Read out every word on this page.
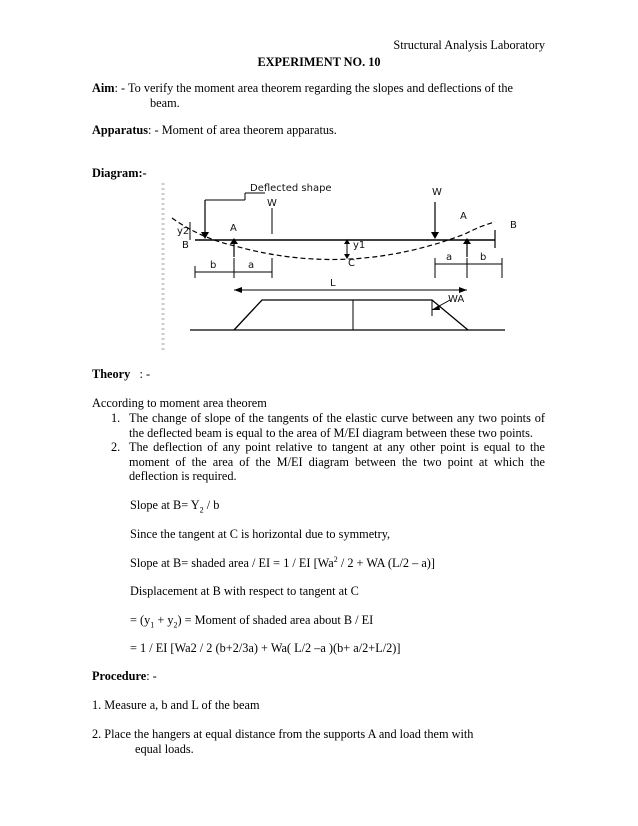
Structural Analysis Laboratory
EXPERIMENT NO. 10
Aim: - To verify the moment area theorem regarding the slopes and deflections of the
beam.
Apparatus: - Moment of area theorem apparatus.
Diagram:-
Deflected shape
W
W
A
A
B
B
y2
y1
C
b	a
a	b
L
WA
Theory : -
According to moment area theorem
1. The change of slope of the tangents of the elastic curve between any two points of the deflected beam is equal to the area of M/EI diagram between these two points.
2. The deflection of any point relative to tangent at any other point is equal to the moment of the area of the M/EI diagram between the two point at which the deflection is required.
Slope at $B= Y_2 / b$
Since the tangent at C is horizontal due to symmetry,
Slope at B= shaded area / EI = 1 / EI [Wa$^2$ / 2 + WA (L/2 – a)]
Displacement at B with respect to tangent at C
= $(y_1 + y_2)$ = Moment of shaded area about B / EI
= 1 / EI [Wa2 / 2 (b+2/3a) + Wa( L/2 –a )(b+ a/2+L/2)]
Procedure: -
1. Measure a, b and L of the beam
2. Place the hangers at equal distance from the supports A and load them with
equal loads.
